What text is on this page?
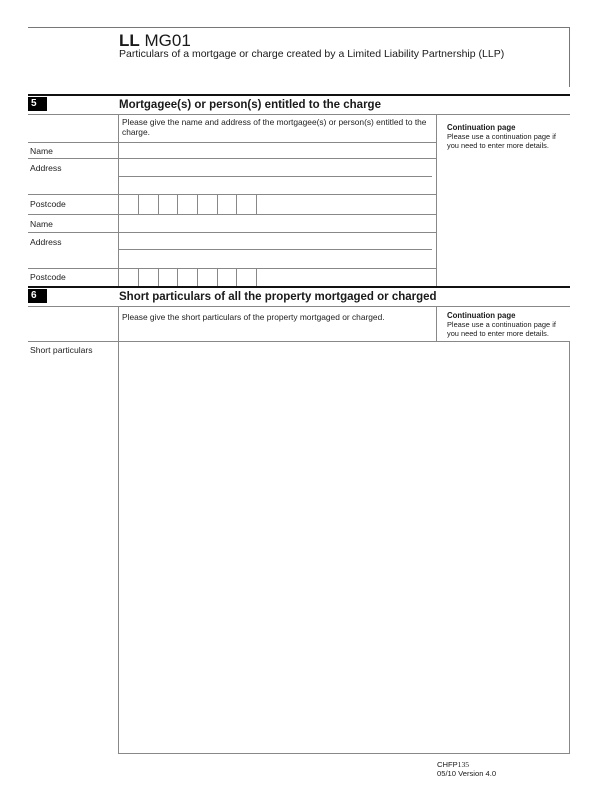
LL MG01
Particulars of a mortgage or charge created by a Limited Liability Partnership (LLP)
5	Mortgagee(s) or person(s) entitled to the charge
Please give the name and address of the mortgagee(s) or person(s) entitled to the charge.	Continuation page
Please use a continuation page if you need to enter more details.
Name
Address
Postcode
Name
Address
Postcode
6	Short particulars of all the property mortgaged or charged
Please give the short particulars of the property mortgaged or charged.	Continuation page
Please use a continuation page if you need to enter more details.
Short particulars
CHFP135
05/10 Version 4.0
